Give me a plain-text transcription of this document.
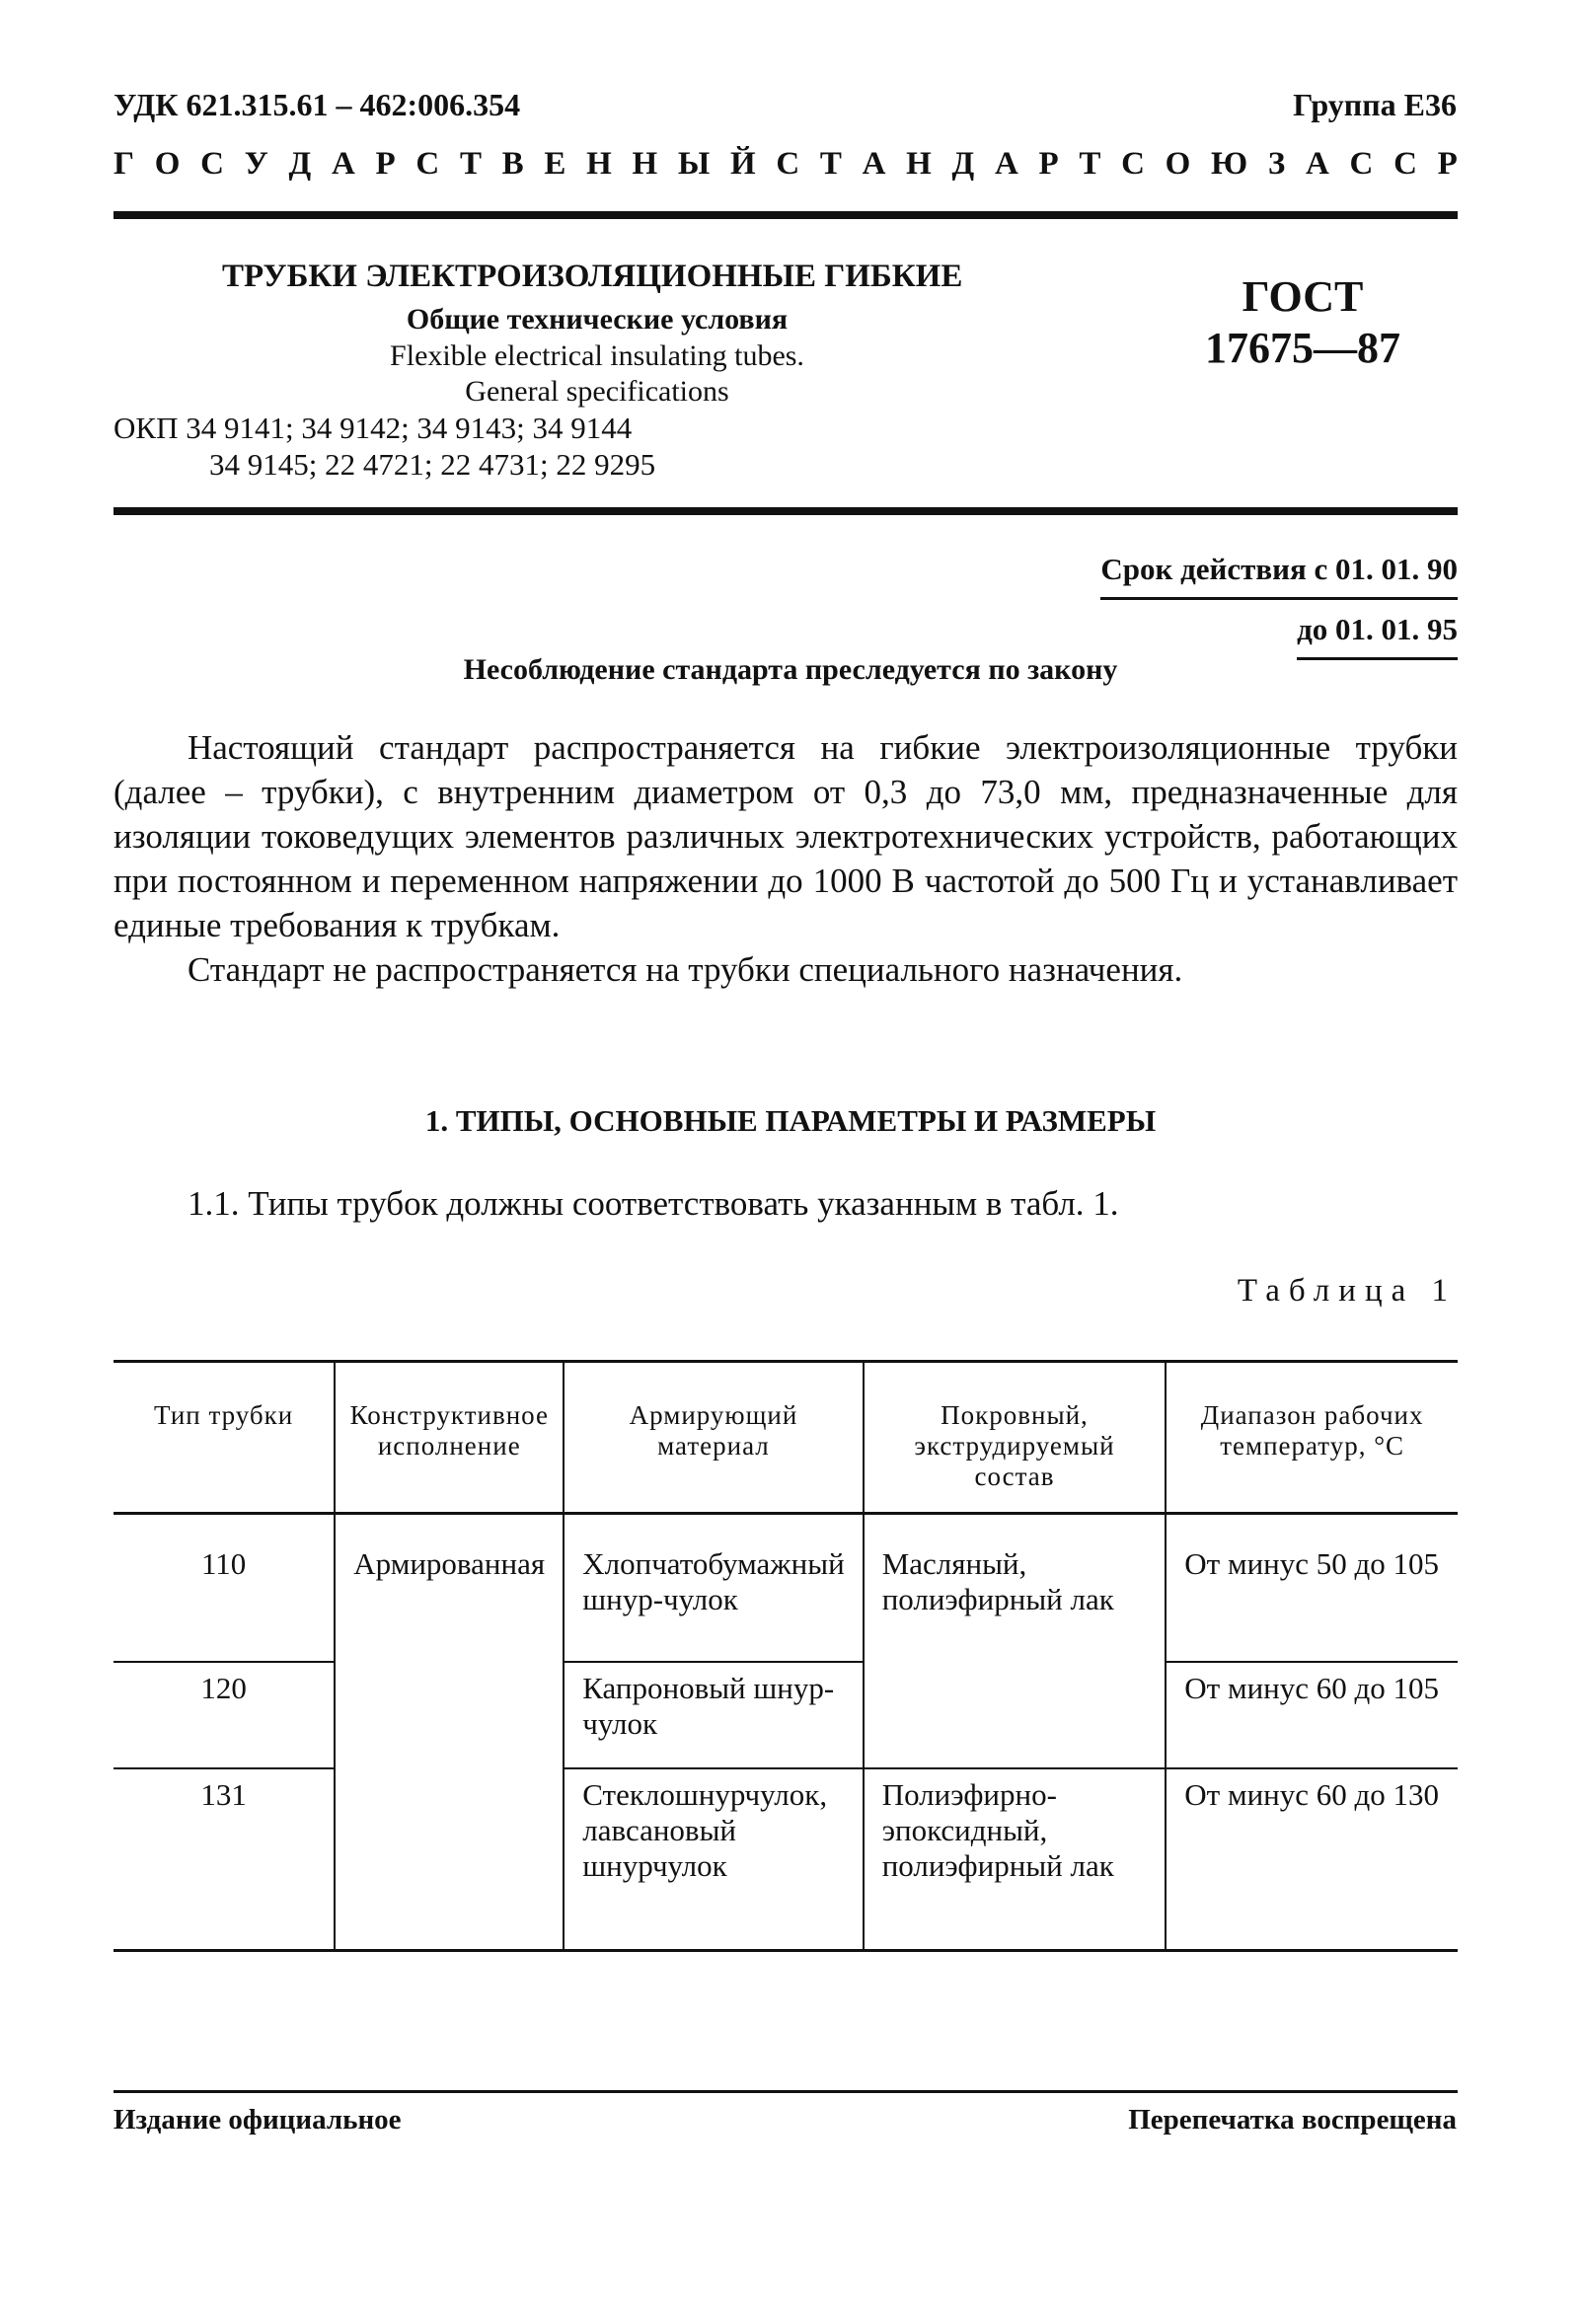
УДК 621.315.61 – 462:006.354	Группа Е36
Г О С У Д А Р С Т В Е Н Н Ы Й С Т А Н Д А Р Т С О Ю З А С С Р
ТРУБКИ ЭЛЕКТРОИЗОЛЯЦИОННЫЕ ГИБКИЕ
Общие технические условия
Flexible electrical insulating tubes.
General specifications
ОКП 34 9141; 34 9142; 34 9143; 34 9144
34 9145; 22 4721; 22 4731; 22 9295
ГОСТ
17675—87
Срок действия с 01. 01. 90
до 01. 01. 95
Несоблюдение стандарта преследуется по закону

Настоящий стандарт распространяется на гибкие электроизоляционные трубки (далее – трубки), с внутренним диаметром от 0,3 до 73,0 мм, предназначенные для изоляции токоведущих элементов различных электротехнических устройств, работающих при постоянном и переменном напряжении до 1000 В частотой до 500 Гц и устанавливает единые требования к трубкам.

Стандарт не распространяется на трубки специального назначения.

1. ТИПЫ, ОСНОВНЫЕ ПАРАМЕТРЫ И РАЗМЕРЫ
1.1. Типы трубок должны соответствовать указанным в табл. 1.
Таблица 1
Тип трубки	Конструктивное исполнение	Армирующий материал	Покровный, экструдируемый состав	Диапазон рабочих температур, °С
110	Армированная	Хлопчатобумажный шнур-чулок	Масляный, полиэфирный лак	От минус 50 до 105
120		Капроновый шнур-чулок		От минус 60 до 105
131		Стеклошнурчулок, лавсановый шнурчулок	Полиэфирно-эпоксидный, полиэфирный лак	От минус 60 до 130
Издание официальное	Перепечатка воспрещена
